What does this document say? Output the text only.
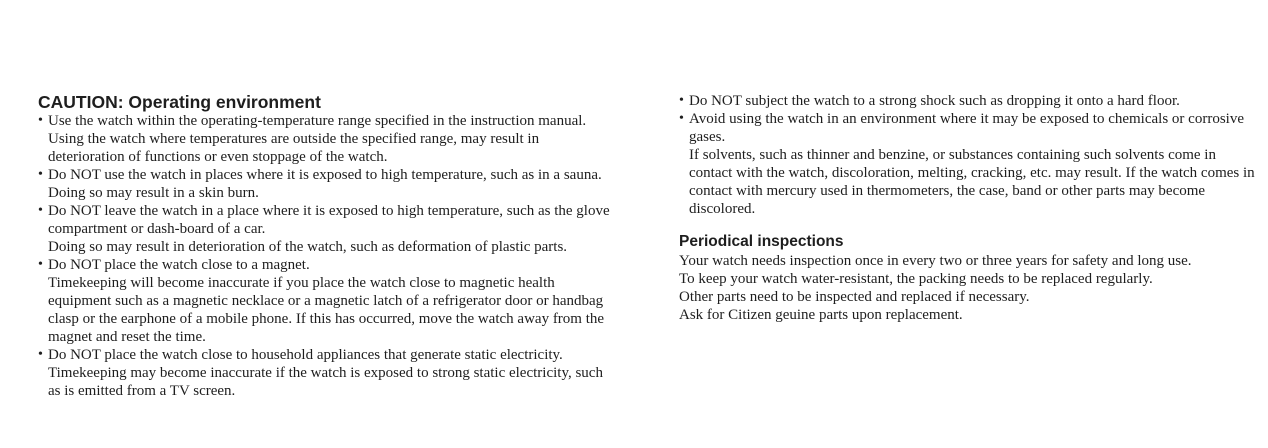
CAUTION: Operating environment

• Use the watch within the operating-temperature range specified in the instruction manual.

Using the watch where temperatures are outside the specified range, may result in deterioration of functions or even stoppage of the watch.

• Do NOT use the watch in places where it is exposed to high temperature, such as in a sauna.

Doing so may result in a skin burn.

• Do NOT leave the watch in a place where it is exposed to high temperature, such as the glove compartment or dash-board of a car.

Doing so may result in deterioration of the watch, such as deformation of plastic parts.

• Do NOT place the watch close to a magnet.

Timekeeping will become inaccurate if you place the watch close to magnetic health equipment such as a magnetic necklace or a magnetic latch of a refrigerator door or handbag clasp or the earphone of a mobile phone. If this has occurred, move the watch away from the magnet and reset the time.

• Do NOT place the watch close to household appliances that generate static electricity.

Timekeeping may become inaccurate if the watch is exposed to strong static electricity, such as is emitted from a TV screen.

• Do NOT subject the watch to a strong shock such as dropping it onto a hard floor.

• Avoid using the watch in an environment where it may be exposed to chemicals or corrosive gases.

If solvents, such as thinner and benzine, or substances containing such solvents come in contact with the watch, discoloration, melting, cracking, etc. may result. If the watch comes in contact with mercury used in thermometers, the case, band or other parts may become discolored.

Periodical inspections

Your watch needs inspection once in every two or three years for safety and long use.

To keep your watch water-resistant, the packing needs to be replaced regularly.

Other parts need to be inspected and replaced if necessary.

Ask for Citizen geuine parts upon replacement.
